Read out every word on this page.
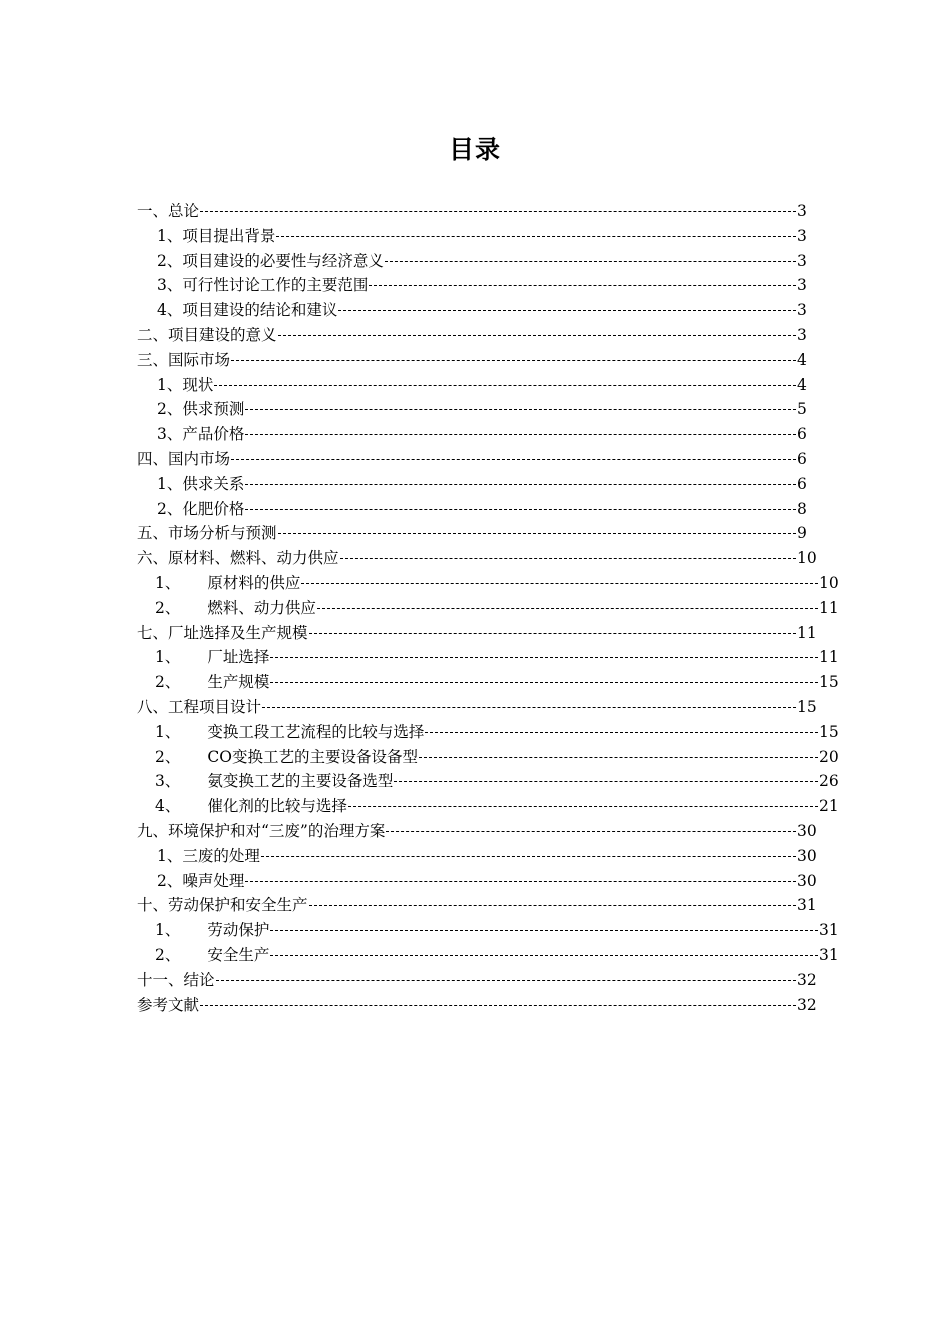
目录
一、总论	3
1、项目提出背景	3
2、项目建设的必要性与经济意义	3
3、可行性讨论工作的主要范围	3
4、项目建设的结论和建议	3
二、项目建设的意义	3
三、国际市场	4
1、现状	4
2、供求预测	5
3、产品价格	6
四、国内市场	6
1、供求关系	6
2、化肥价格	8
五、市场分析与预测	9
六、原材料、燃料、动力供应	10
1、 原材料的供应	10
2、 燃料、动力供应	11
七、厂址选择及生产规模	11
1、 厂址选择	11
2、 生产规模	15
八、工程项目设计	15
1、 变换工段工艺流程的比较与选择	15
2、 CO变换工艺的主要设备设备型	20
3、 氨变换工艺的主要设备选型	26
4、 催化剂的比较与选择	21
九、环境保护和对“三废”的治理方案	30
1、三废的处理	30
2、噪声处理	30
十、劳动保护和安全生产	31
1、 劳动保护	31
2、 安全生产	31
十一、结论	32
参考文献	32
